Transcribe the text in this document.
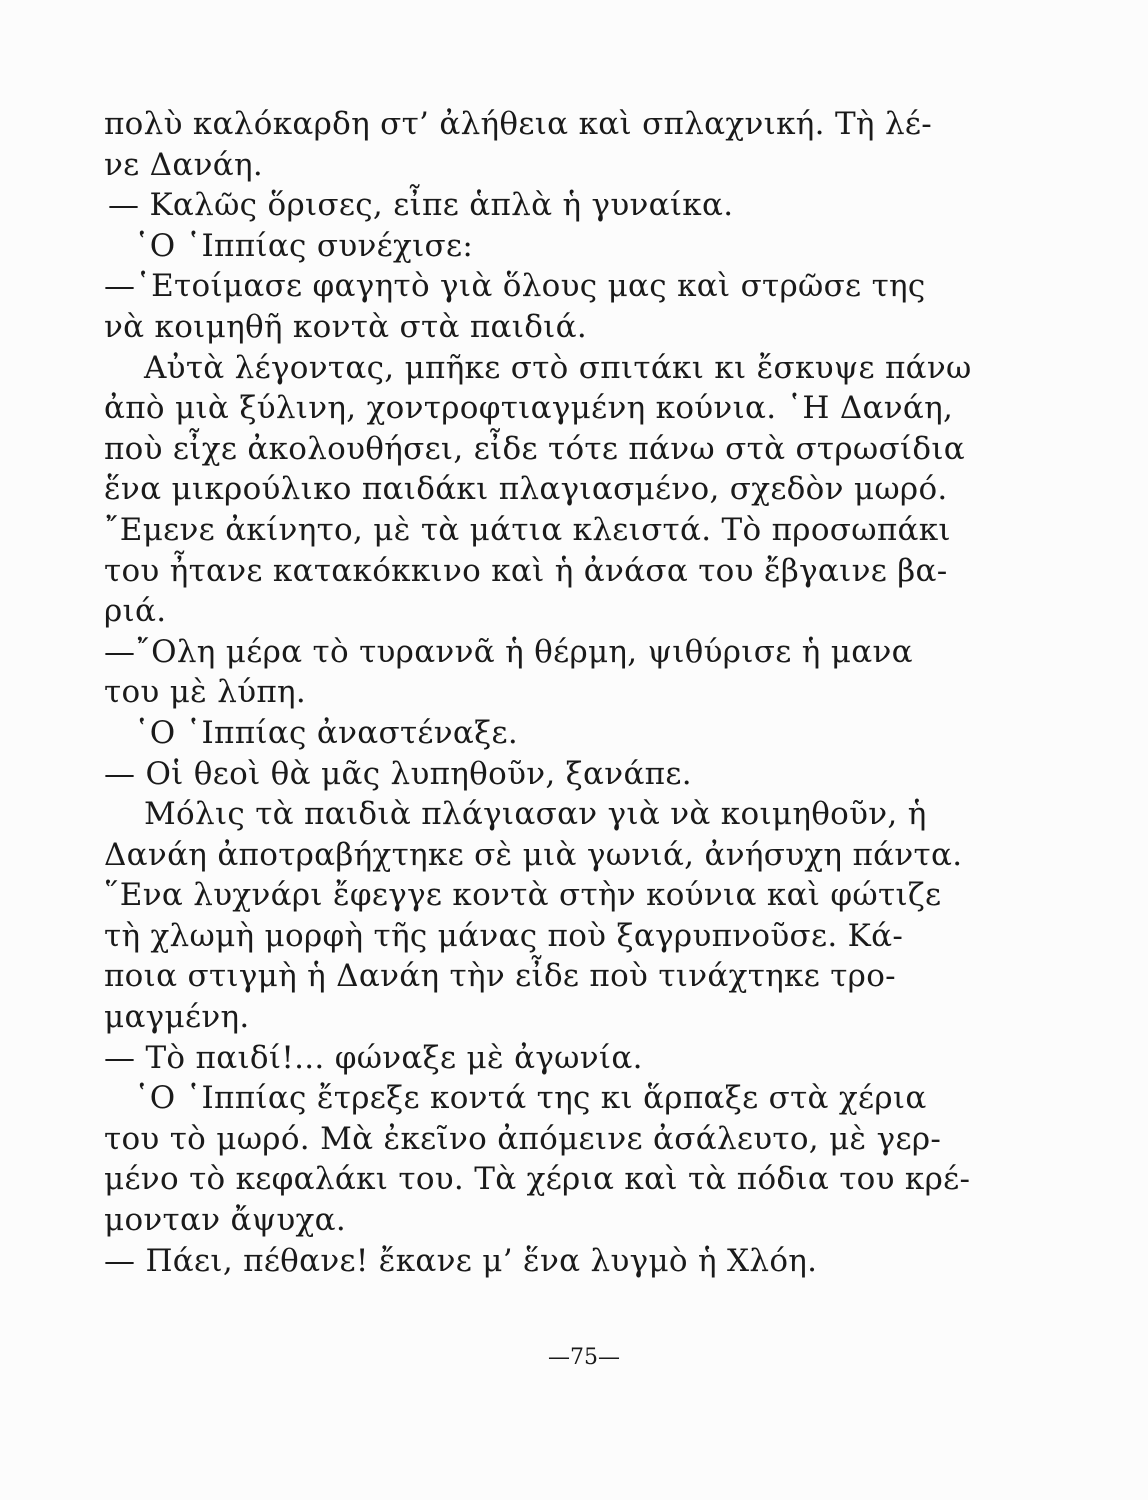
πολὺ καλόκαρδη στ’ ἀλήθεια καὶ σπλαχνική. Τὴ λέ-
νε Δανάη.
— Καλῶς ὅρισες, εἶπε ἁπλὰ ἡ γυναίκα.
῾Ο ῾Ιππίας συνέχισε:
—῾Ετοίμασε φαγητὸ γιὰ ὅλους μας καὶ στρῶσε της
νὰ κοιμηθῆ κοντὰ στὰ παιδιά.
Αὐτὰ λέγοντας, μπῆκε στὸ σπιτάκι κι ἔσκυψε πάνω
ἀπὸ μιὰ ξύλινη, χοντροφτιαγμένη κούνια. ῾Η Δανάη,
ποὺ εἶχε ἀκολουθήσει, εἶδε τότε πάνω στὰ στρωσίδια
ἕνα μικρούλικο παιδάκι πλαγιασμένο, σχεδὸν μωρό.
῎Εμενε ἀκίνητο, μὲ τὰ μάτια κλειστά. Τὸ προσωπάκι
του ἦτανε κατακόκκινο καὶ ἡ ἀνάσα του ἔβγαινε βα-
ριά.
—῎Ολη μέρα τὸ τυραννᾶ ἡ θέρμη, ψιθύρισε ἡ μανα
του μὲ λύπη.
῾Ο ῾Ιππίας ἀναστέναξε.
— Οἱ θεοὶ θὰ μᾶς λυπηθοῦν, ξανάπε.
Μόλις τὰ παιδιὰ πλάγιασαν γιὰ νὰ κοιμηθοῦν, ἡ
Δανάη ἀποτραβήχτηκε σὲ μιὰ γωνιά, ἀνήσυχη πάντα.
῞Ενα λυχνάρι ἔφεγγε κοντὰ στὴν κούνια καὶ φώτιζε
τὴ χλωμὴ μορφὴ τῆς μάνας ποὺ ξαγρυπνοῦσε. Κά-
ποια στιγμὴ ἡ Δανάη τὴν εἶδε ποὺ τινάχτηκε τρο-
μαγμένη.
— Τὸ παιδί!... φώναξε μὲ ἀγωνία.
῾Ο ῾Ιππίας ἔτρεξε κοντά της κι ἅρπαξε στὰ χέρια
του τὸ μωρό. Μὰ ἐκεῖνο ἀπόμεινε ἀσάλευτο, μὲ γερ-
μένο τὸ κεφαλάκι του. Τὰ χέρια καὶ τὰ πόδια του κρέ-
μονταν ἄψυχα.
— Πάει, πέθανε! ἔκανε μ’ ἕνα λυγμὸ ἡ Χλόη.
—75—
